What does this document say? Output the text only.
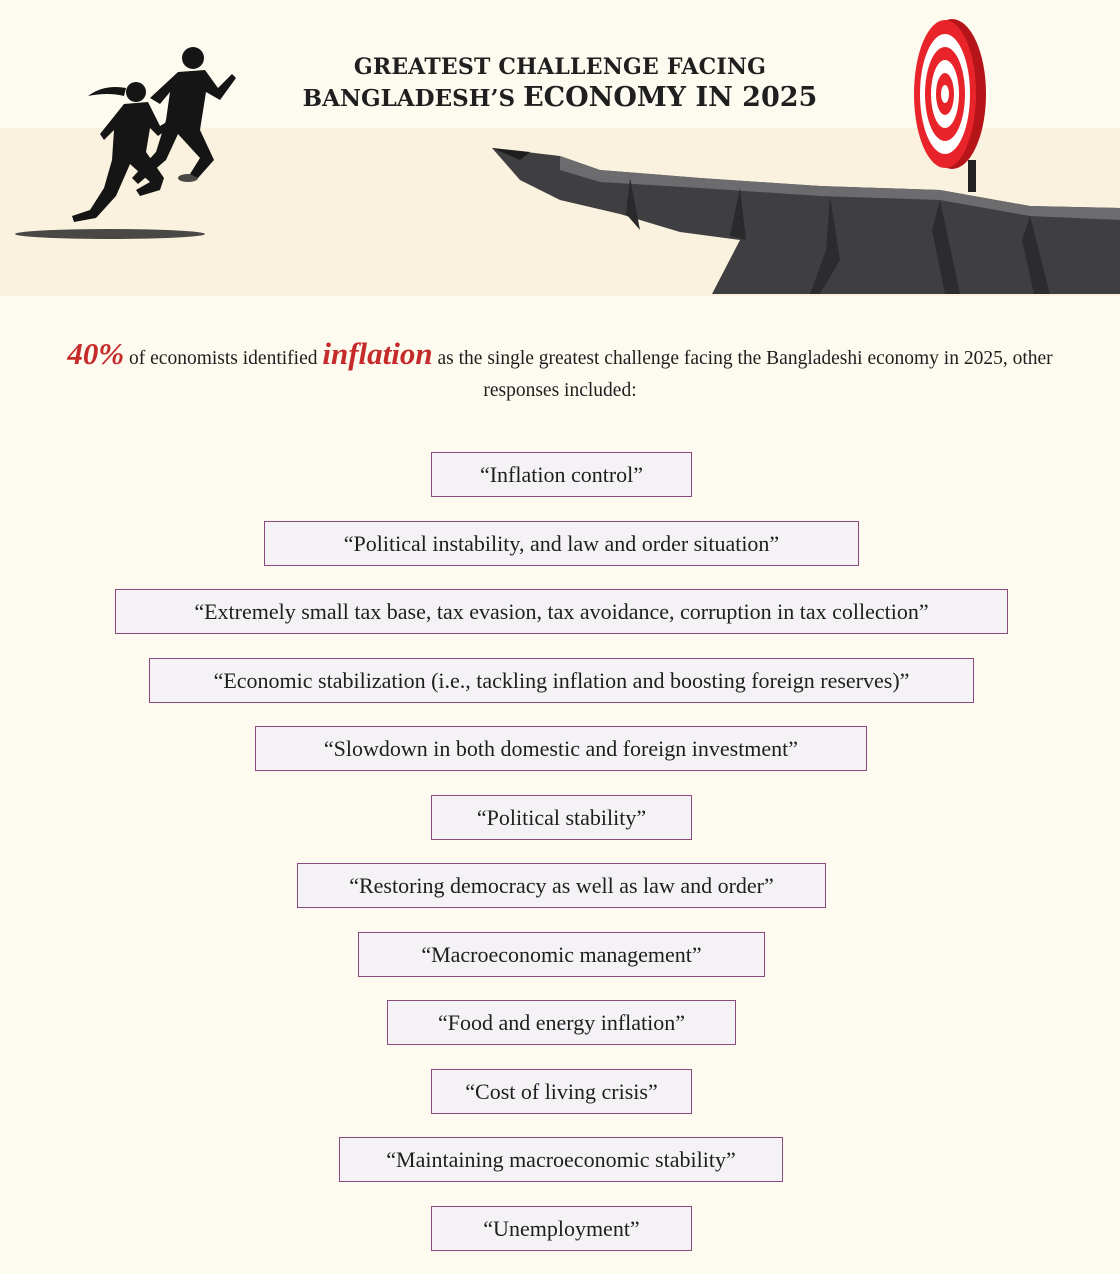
GREATEST CHALLENGE FACING
BANGLADESH’S ECONOMY IN 2025
40% of economists identified inflation as the single greatest challenge facing the Bangladeshi economy in 2025, other responses included:
“Inflation control”
“Political instability, and law and order situation”
“Extremely small tax base, tax evasion, tax avoidance, corruption in tax collection”
“Economic stabilization (i.e., tackling inflation and boosting foreign reserves)”
“Slowdown in both domestic and foreign investment”
“Political stability”
“Restoring democracy as well as law and order”
“Macroeconomic management”
“Food and energy inflation”
“Cost of living crisis”
“Maintaining macroeconomic stability”
“Unemployment”
